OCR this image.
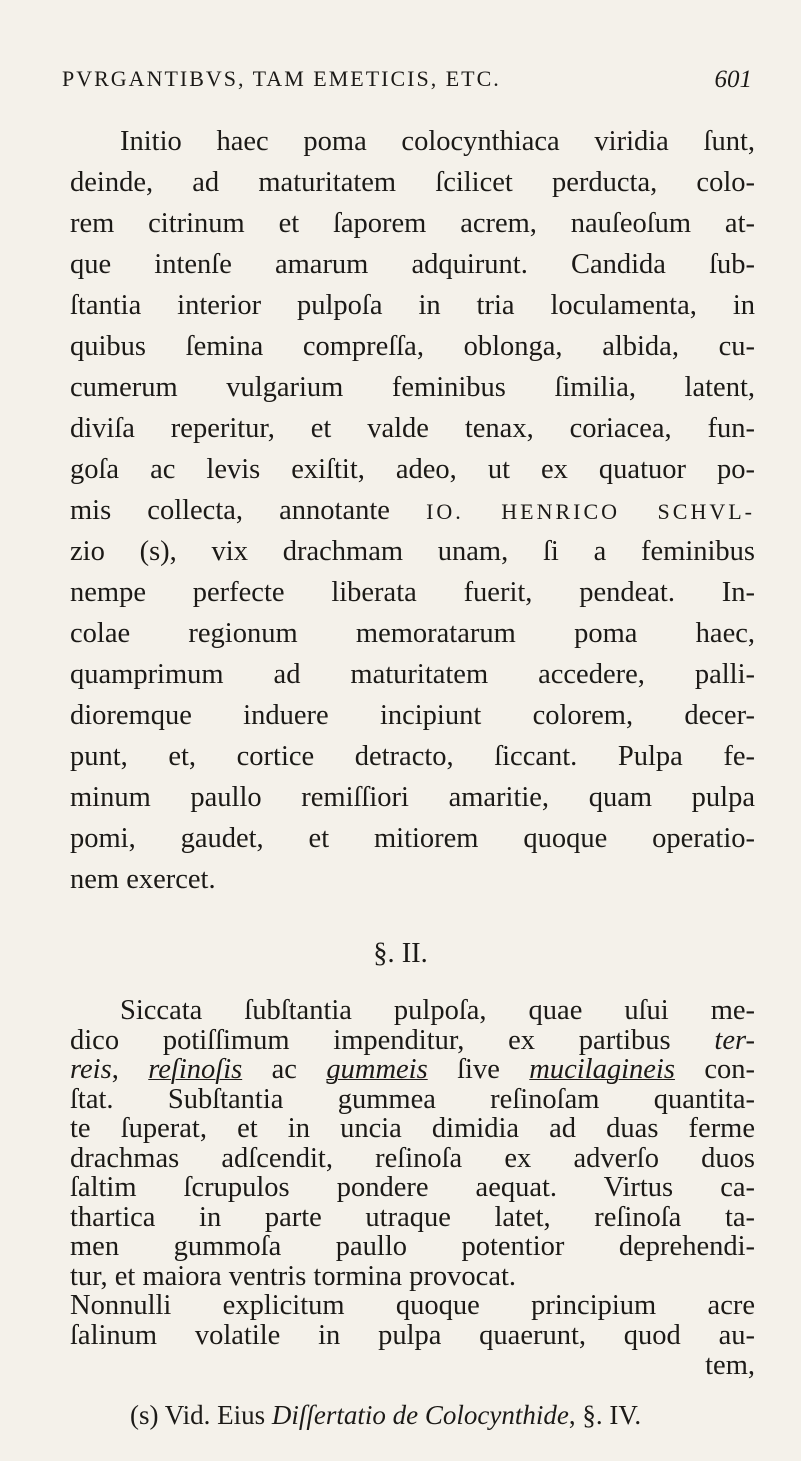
PVRGANTIBVS, TAM EMETICIS, ETC.	601
Initio haec poma colocynthiaca viridia ſunt,
deinde, ad maturitatem ſcilicet perducta, colo-
rem citrinum et ſaporem acrem, nauſeoſum at-
que intenſe amarum adquirunt. Candida ſub-
ſtantia interior pulpoſa in tria loculamenta, in
quibus ſemina compreſſa, oblonga, albida, cu-
cumerum vulgarium feminibus ſimilia, latent,
diviſa reperitur, et valde tenax, coriacea, fun-
goſa ac levis exiſtit, adeo, ut ex quatuor po-
mis collecta, annotante IO. HENRICO SCHVL-
zio (s), vix drachmam unam, ſi a feminibus
nempe perfecte liberata fuerit, pendeat. In-
colae regionum memoratarum poma haec,
quamprimum ad maturitatem accedere, palli-
dioremque induere incipiunt colorem, decer-
punt, et, cortice detracto, ſiccant. Pulpa fe-
minum paullo remiſſiori amaritie, quam pulpa
pomi, gaudet, et mitiorem quoque operatio-
nem exercet.
§. II.
Siccata ſubſtantia pulpoſa, quae uſui me-
dico potiſſimum impenditur, ex partibus ter-
reis, reſinoſis ac gummeis ſive mucilagineis con-
ſtat. Subſtantia gummea reſinoſam quantita-
te ſuperat, et in uncia dimidia ad duas ferme
drachmas adſcendit, reſinoſa ex adverſo duos
ſaltim ſcrupulos pondere aequat. Virtus ca-
thartica in parte utraque latet, reſinoſa ta-
men gummoſa paullo potentior deprehendi-
tur, et maiora ventris tormina provocat.
Nonnulli explicitum quoque principium acre
ſalinum volatile in pulpa quaerunt, quod au-
tem,
(s) Vid. Eius Diſſertatio de Colocynthide, §. IV.
